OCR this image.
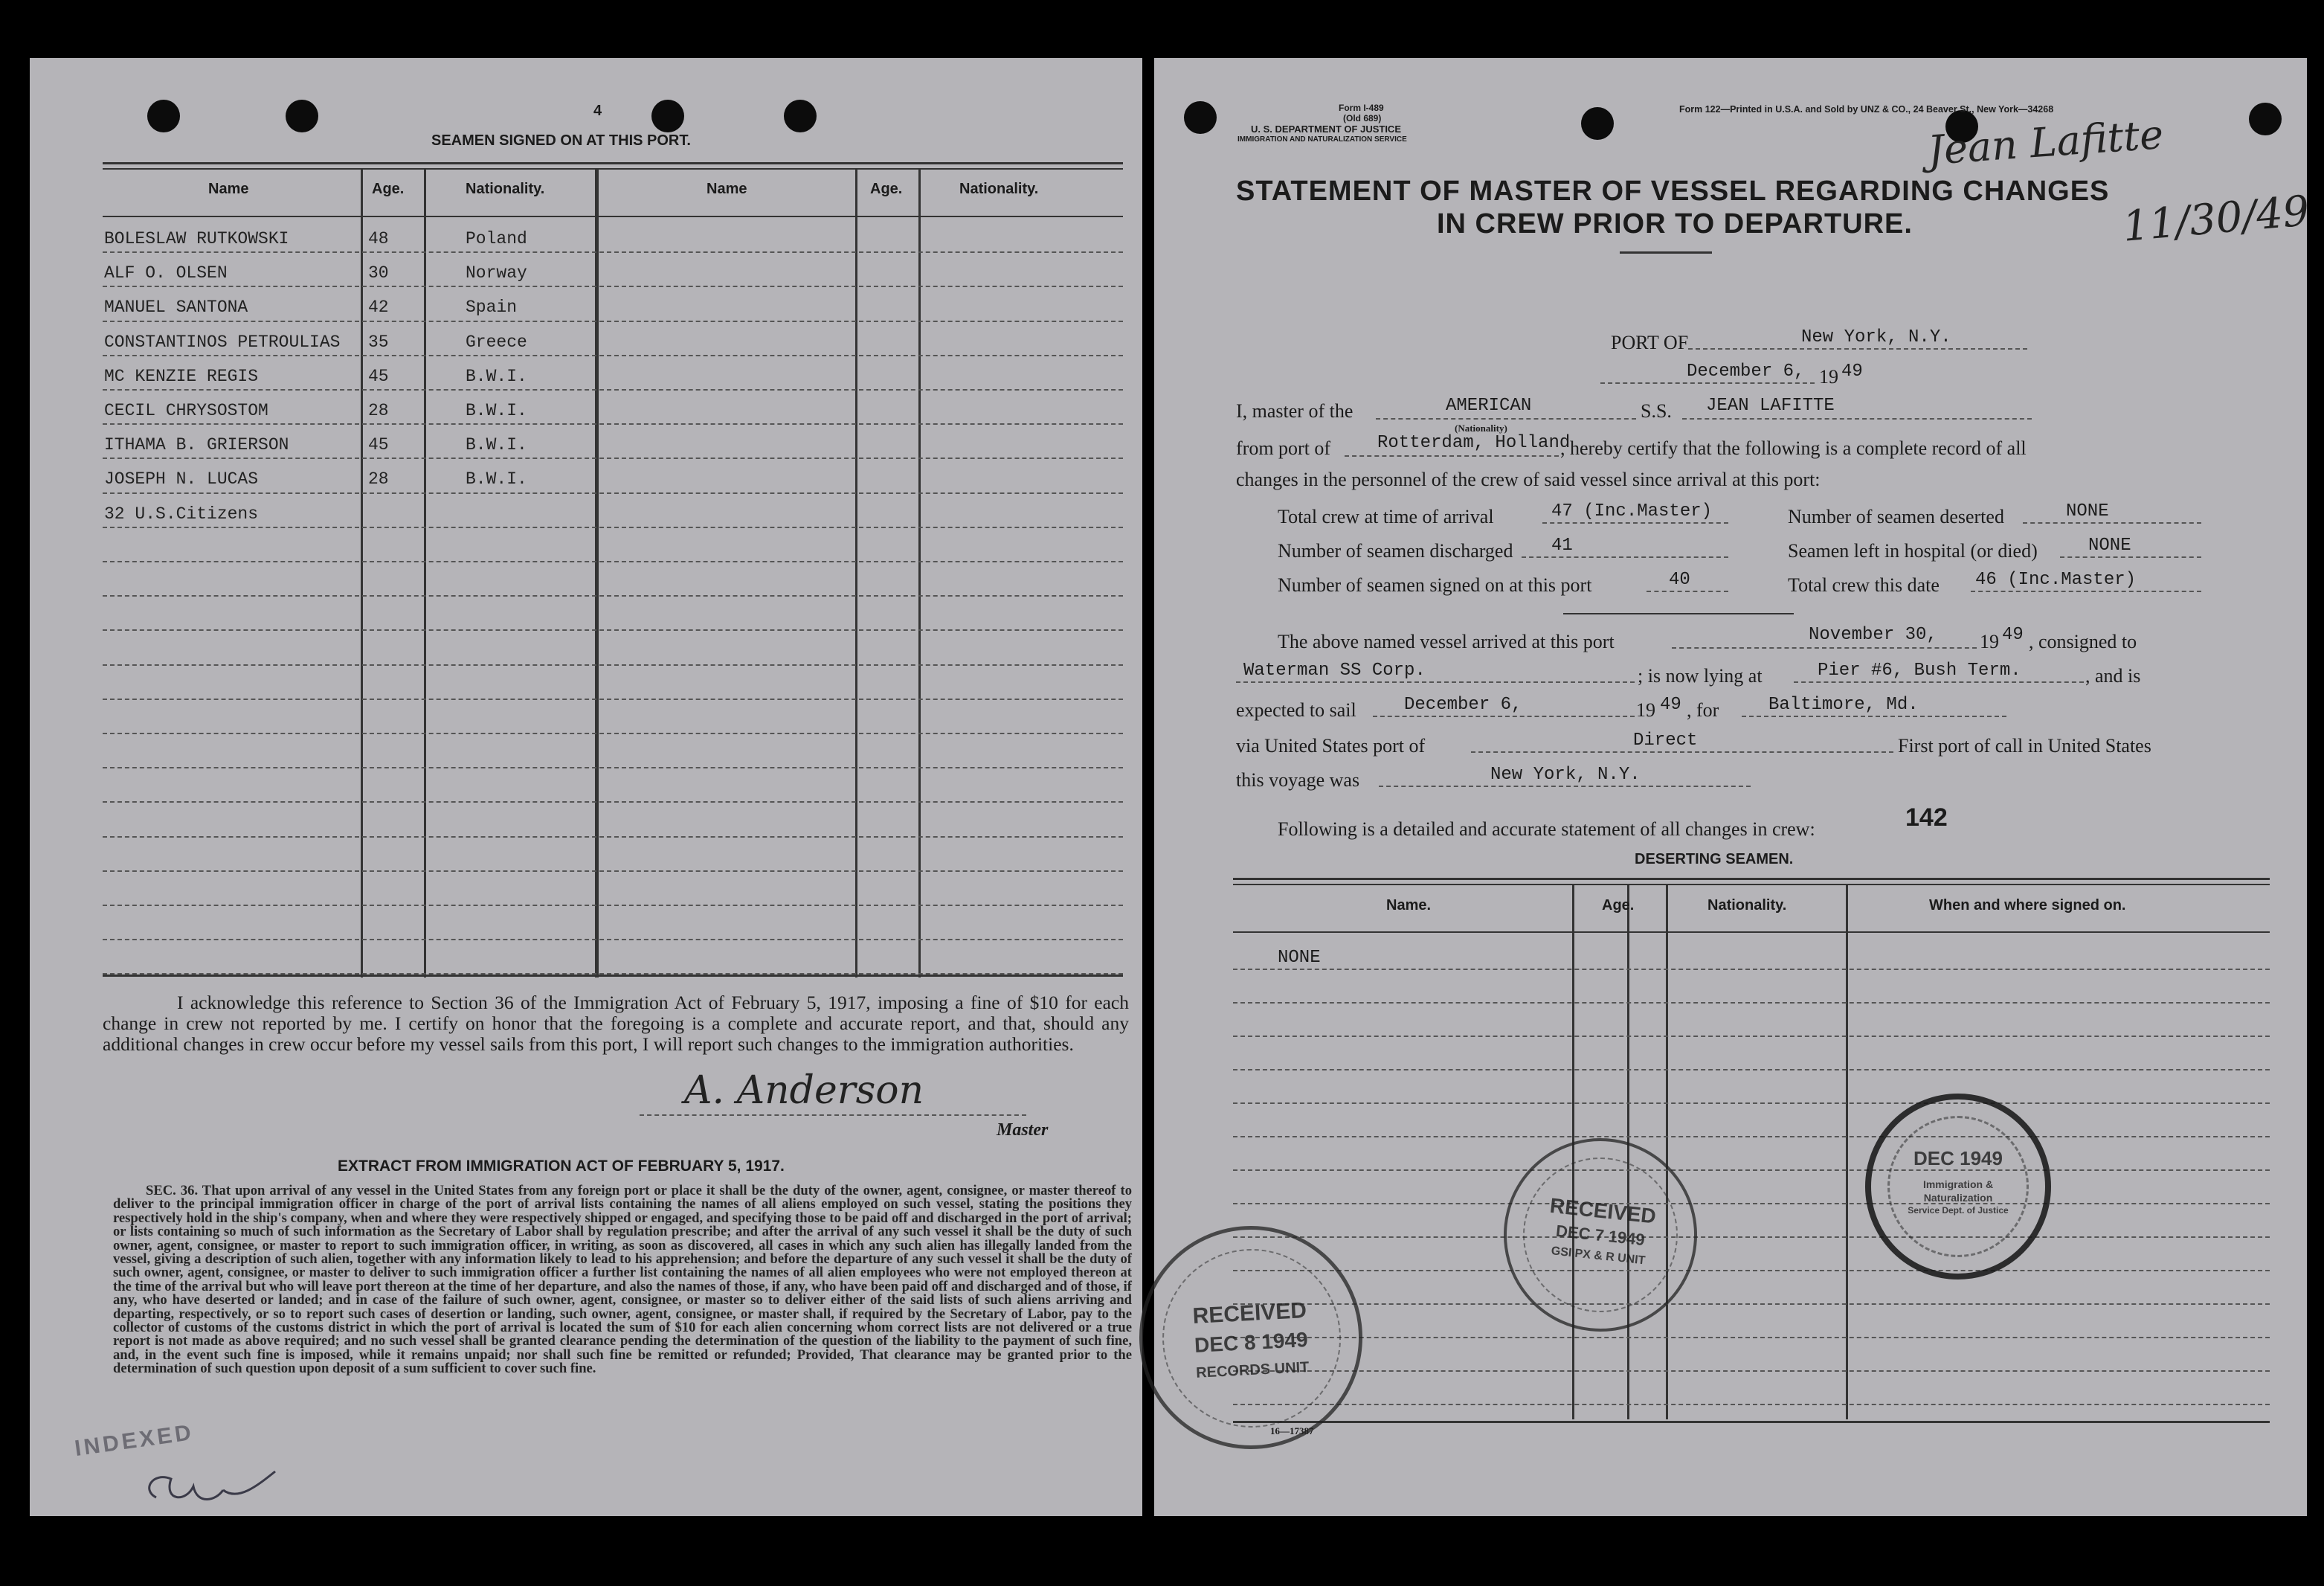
4
SEAMEN SIGNED ON AT THIS PORT.
Name	Age.	Nationality.	Name	Age.	Nationality.
BOLESLAW RUTKOWSKI	48	Poland
ALF O. OLSEN	30	Norway
MANUEL SANTONA	42	Spain
CONSTANTINOS PETROULIAS 35	Greece
MC KENZIE REGIS	45	B.W.I.
CECIL CHRYSOSTOM	28	B.W.I.
ITHAMA B. GRIERSON	45	B.W.I.
JOSEPH N. LUCAS	28	B.W.I.
32 U.S.Citizens
I acknowledge this reference to Section 36 of the Immigration Act of February 5, 1917, imposing a fine of $10 for each change in crew not reported by me. I certify on honor that the foregoing is a complete and accurate report, and that, should any additional changes in crew occur before my vessel sails from this port, I will report such changes to the immigration authorities.
A. Anderson
Master
EXTRACT FROM IMMIGRATION ACT OF FEBRUARY 5, 1917.
SEC. 36. That upon arrival of any vessel in the United States from any foreign port or place it shall be the duty of the owner, agent, consignee, or master thereof to deliver to the principal immigration officer in charge of the port of arrival lists containing the names of all aliens employed on such vessel, stating the positions they respectively hold in the ship's company, when and where they were respectively shipped or engaged, and specifying those to be paid off and discharged in the port of arrival; or lists containing so much of such information as the Secretary of Labor shall by regulation prescribe; and after the arrival of any such vessel it shall be the duty of such owner, agent, consignee, or master to report to such immigration officer, in writing, as soon as discovered, all cases in which any such alien has illegally landed from the vessel, giving a description of such alien, together with any information likely to lead to his apprehension; and before the departure of any such vessel it shall be the duty of such owner, agent, consignee, or master to deliver to such immigration officer a further list containing the names of all alien employees who were not employed thereon at the time of the arrival but who will leave port thereon at the time of her departure, and also the names of those, if any, who have been paid off and discharged and of those, if any, who have deserted or landed; and in case of the failure of such owner, agent, consignee, or master so to deliver either of the said lists of such aliens arriving and departing, respectively, or so to report such cases of desertion or landing, such owner, agent, consignee, or master shall, if required by the Secretary of Labor, pay to the collector of customs of the customs district in which the port of arrival is located the sum of $10 for each alien concerning whom correct lists are not delivered or a true report is not made as above required; and no such vessel shall be granted clearance pending the determination of the question of the liability to the payment of such fine, and, in the event such fine is imposed, while it remains unpaid; nor shall such fine be remitted or refunded; Provided, That clearance may be granted prior to the determination of such question upon deposit of a sum sufficient to cover such fine.
INDEXED
Form I-489
(Old 689)
U. S. DEPARTMENT OF JUSTICE
IMMIGRATION AND NATURALIZATION SERVICE
Form 122—Printed in U.S.A. and Sold by UNZ & CO., 24 Beaver St., New York—34268
Jean Lafitte
11/30/49
STATEMENT OF MASTER OF VESSEL REGARDING CHANGES
IN CREW PRIOR TO DEPARTURE.
PORT OF	New York, N.Y.
December 6, 19 49
I, master of the	AMERICAN
(Nationality)
S.S. JEAN LAFITTE
from port of	Rotterdam, Holland
, hereby certify that the following is a complete record of all
changes in the personnel of the crew of said vessel since arrival at this port:
Total crew at time of arrival	47 (Inc.Master)	Number of seamen deserted	NONE
Number of seamen discharged 41	Seamen left in hospital (or died)	NONE
Number of seamen signed on at this port	40	Total crew this date 46 (Inc.Master)
The above named vessel arrived at this port	November 30, 19 49 , consigned to
Waterman SS Corp.	; is now lying at	Pier #6, Bush Term.	, and is
expected to sail	December 6,	19 49 , for	Baltimore, Md.
via United States port of	Direct	First port of call in United States
this voyage was	New York, N.Y.
Following is a detailed and accurate statement of all changes in crew:	142
DESERTING SEAMEN.
Name.	Age.	Nationality.	When and where signed on.
NONE
16—17387
RECEIVED
DEC 7 1949
GSI PX & R UNIT
RECEIVED
DEC 8 1949
RECORDS UNIT
DEC 1949
Immigration &
Naturalization
Service Dept. of Justice
